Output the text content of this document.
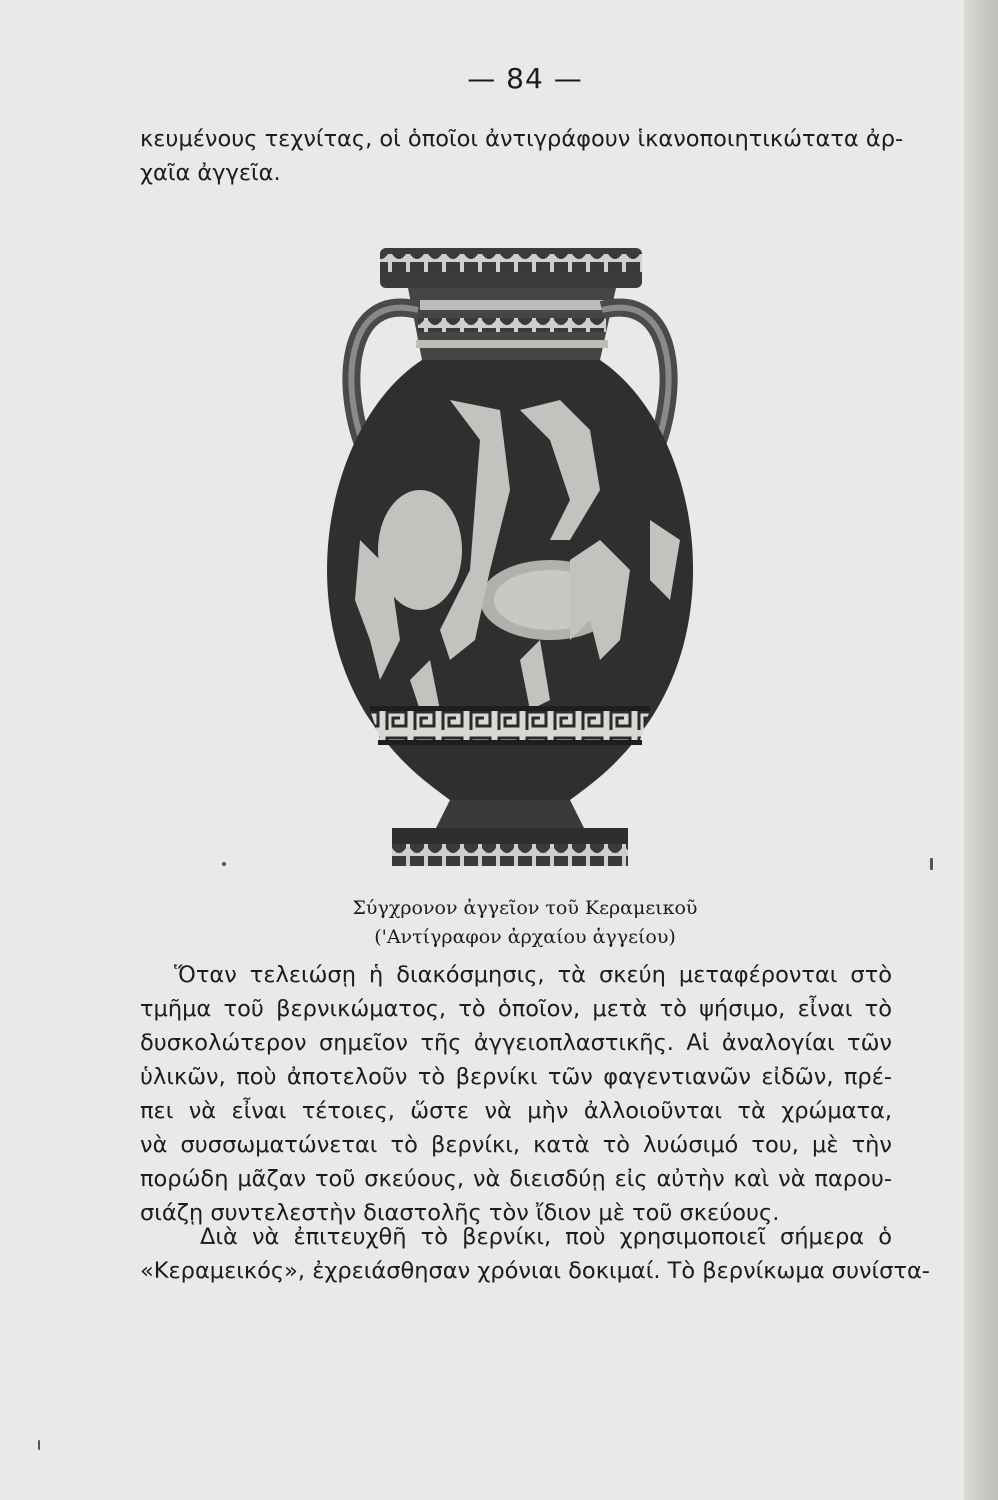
— 84 —

κευμένους τεχνίτας, οἱ ὁποῖοι ἀντιγράφουν ἱκανοποιητικώτατα ἀρ-
χαῖα ἀγγεῖα.

Σύγχρονον ἀγγεῖον τοῦ Κεραμεικοῦ
('Αντίγραφον ἀρχαίου ἀγγείου)

Ὅταν τελειώσῃ ἡ διακόσμησις, τὰ σκεύη μεταφέρονται στὸ
τμῆμα τοῦ βερνικώματος, τὸ ὁποῖον, μετὰ τὸ ψήσιμο, εἶναι τὸ
δυσκολώτερον σημεῖον τῆς ἀγγειοπλαστικῆς. Αἱ ἀναλογίαι τῶν
ὑλικῶν, ποὺ ἀποτελοῦν τὸ βερνίκι τῶν φαγεντιανῶν εἰδῶν, πρέ-
πει νὰ εἶναι τέτοιες, ὥστε νὰ μὴν ἀλλοιοῦνται τὰ χρώματα,
νὰ συσσωματώνεται τὸ βερνίκι, κατὰ τὸ λυώσιμό του, μὲ τὴν
πορώδη μᾶζαν τοῦ σκεύους, νὰ διεισδύῃ εἰς αὐτὴν καὶ νὰ παρου-
σιάζῃ συντελεστὴν διαστολῆς τὸν ἴδιον μὲ τοῦ σκεύους.

Διὰ νὰ ἐπιτευχθῆ τὸ βερνίκι, ποὺ χρησιμοποιεῖ σήμερα ὁ
«Κεραμεικός», ἐχρειάσθησαν χρόνιαι δοκιμαί. Τὸ βερνίκωμα συνίστα-
